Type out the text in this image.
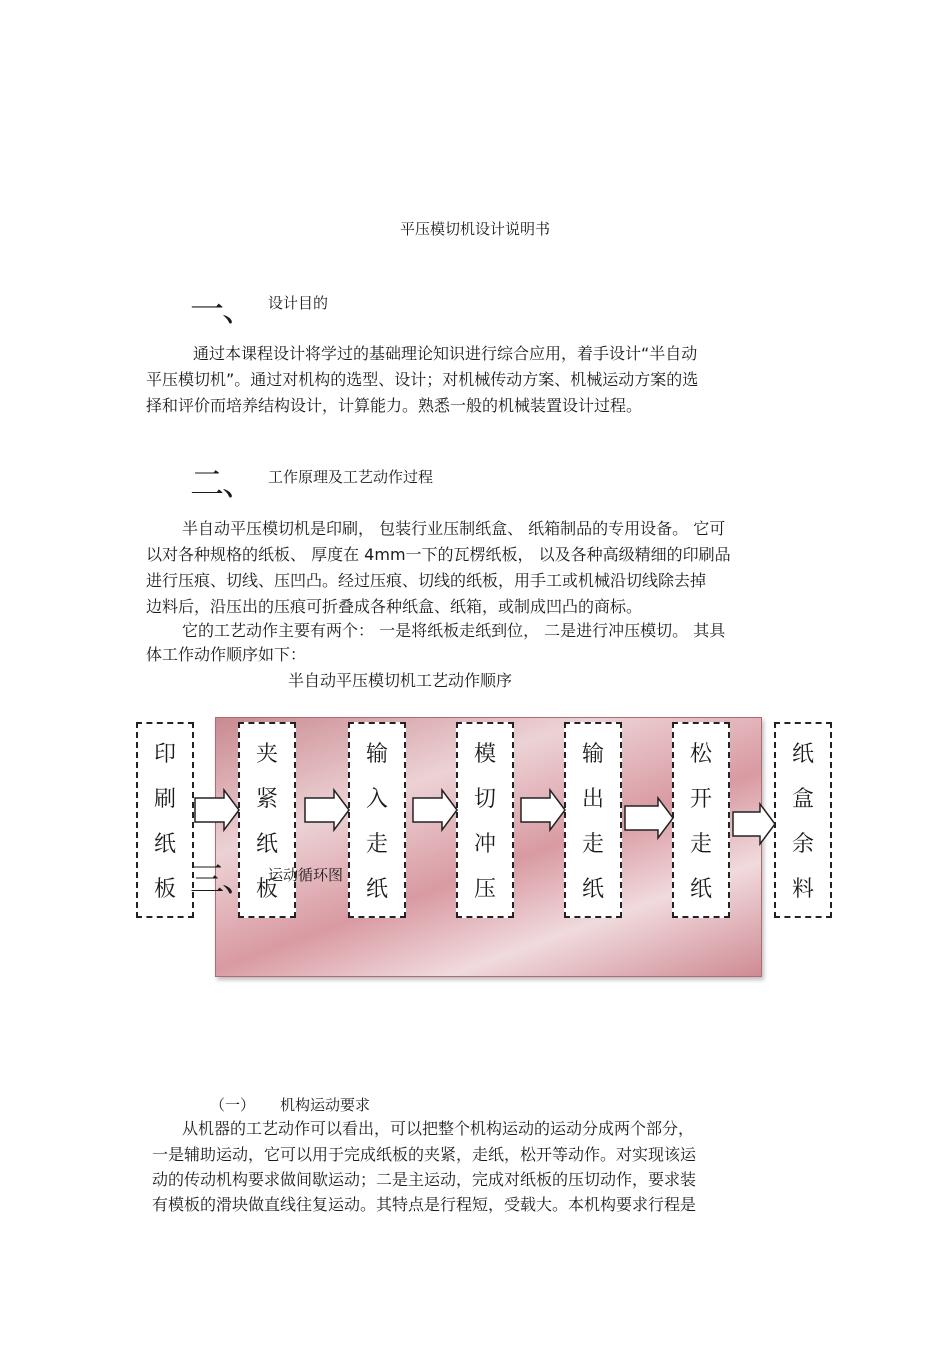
平压模切机设计说明书
一、 设计目的
通过本课程设计将学过的基础理论知识进行综合应用，着手设计“半自动
平压模切机”。通过对机构的选型、设计；对机械传动方案、机械运动方案的选
择和评价而培养结构设计，计算能力。熟悉一般的机械装置设计过程。
二、 工作原理及工艺动作过程
半自动平压模切机是印刷， 包装行业压制纸盒、 纸箱制品的专用设备。 它可
以对各种规格的纸板、 厚度在 4mm一下的瓦楞纸板， 以及各种高级精细的印刷品
进行压痕、切线、压凹凸。经过压痕、切线的纸板，用手工或机械沿切线除去掉
边料后，沿压出的压痕可折叠成各种纸盒、纸箱，或制成凹凸的商标。
它的工艺动作主要有两个： 一是将纸板走纸到位， 二是进行冲压模切。 其具
体工作动作顺序如下：
半自动平压模切机工艺动作顺序
印
刷
纸
板
夹
紧
纸
板
输
入
走
纸
模
切
冲
压
输
出
走
纸
松
开
走
纸
纸
盒
余
料
三、 运动循环图
（一） 机构运动要求
从机器的工艺动作可以看出，可以把整个机构运动的运动分成两个部分，
一是辅助运动，它可以用于完成纸板的夹紧，走纸，松开等动作。对实现该运
动的传动机构要求做间歇运动；二是主运动，完成对纸板的压切动作，要求装
有模板的滑块做直线往复运动。其特点是行程短，受载大。本机构要求行程是
